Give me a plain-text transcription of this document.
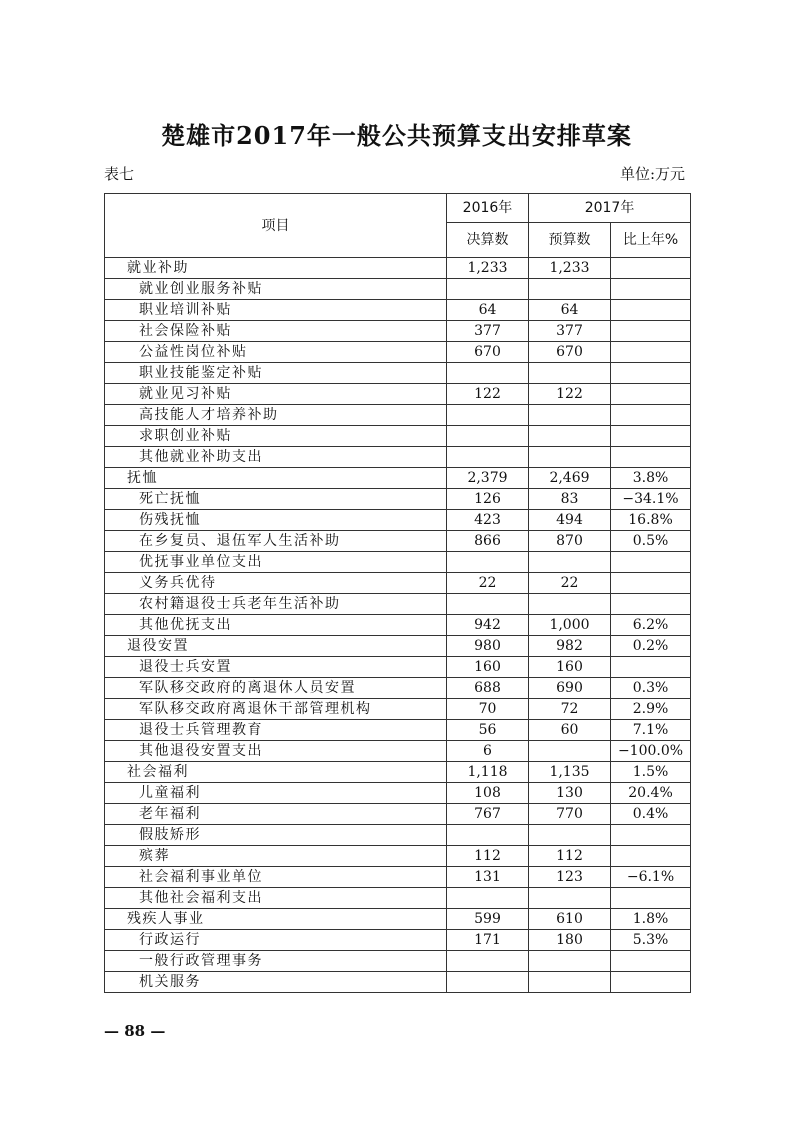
楚雄市2017年一般公共预算支出安排草案
表七	单位:万元
项目	2016年	2017年	
	决算数	预算数	比上年%
就业补助	1,233	1,233	
就业创业服务补贴			
职业培训补贴	64	64	
社会保险补贴	377	377	
公益性岗位补贴	670	670	
职业技能鉴定补贴			
就业见习补贴	122	122	
高技能人才培养补助			
求职创业补贴			
其他就业补助支出			
抚恤	2,379	2,469	3.8%
死亡抚恤	126	83	−34.1%
伤残抚恤	423	494	16.8%
在乡复员、退伍军人生活补助	866	870	0.5%
优抚事业单位支出			
义务兵优待	22	22	
农村籍退役士兵老年生活补助			
其他优抚支出	942	1,000	6.2%
退役安置	980	982	0.2%
退役士兵安置	160	160	
军队移交政府的离退休人员安置	688	690	0.3%
军队移交政府离退休干部管理机构	70	72	2.9%
退役士兵管理教育	56	60	7.1%
其他退役安置支出	6		−100.0%
社会福利	1,118	1,135	1.5%
儿童福利	108	130	20.4%
老年福利	767	770	0.4%
假肢矫形			
殡葬	112	112	
社会福利事业单位	131	123	−6.1%
其他社会福利支出			
残疾人事业	599	610	1.8%
行政运行	171	180	5.3%
一般行政管理事务			
机关服务			
— 88 —
